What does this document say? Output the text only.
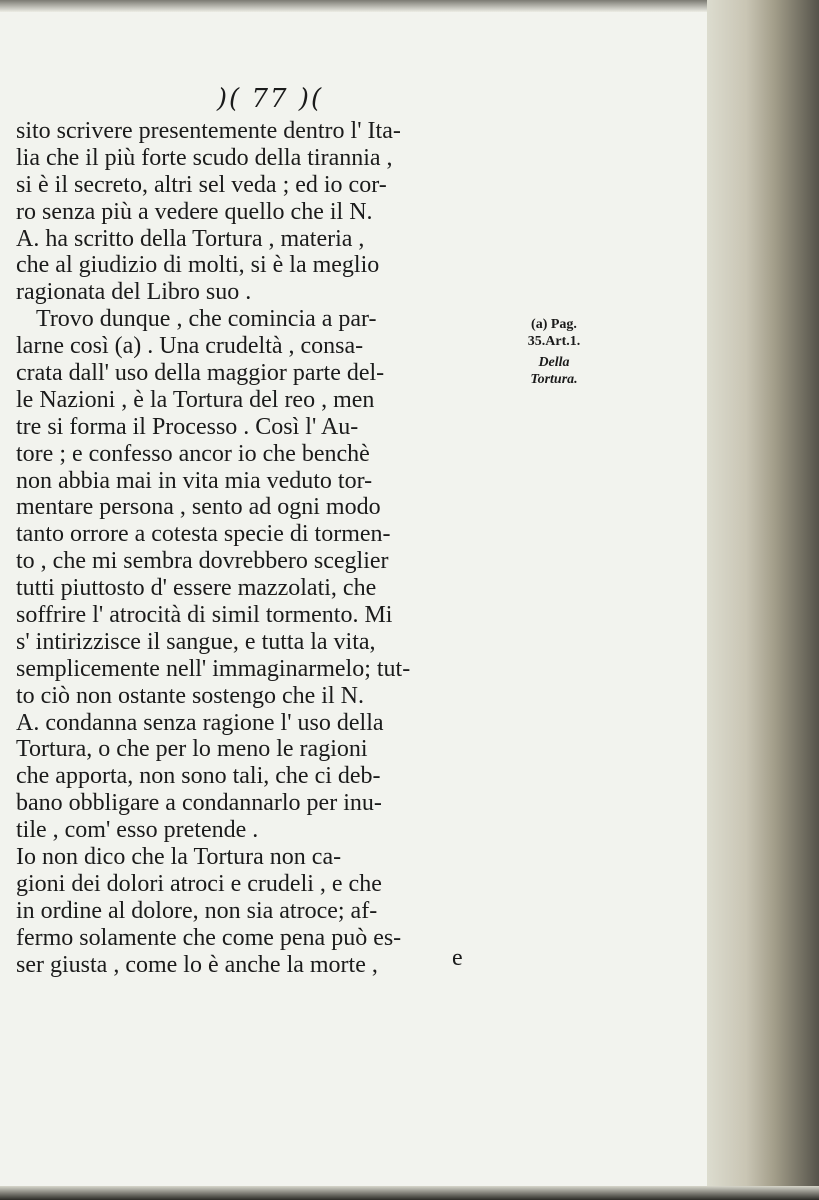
)( 77 )(
sito scrivere presentemente dentro l' Ita-
lia che il più forte scudo della tirannia ,
si è il secreto, altri sel veda ; ed io cor-
ro senza più a vedere quello che il N.
A. ha scritto della Tortura , materia ,
che al giudizio di molti, si è la meglio
ragionata del Libro suo .
Trovo dunque , che comincia a par-
larne così (a) . Una crudeltà , consa-
crata dall' uso della maggior parte del-
le Nazioni , è la Tortura del reo , men
tre si forma il Processo . Così l' Au-
tore ; e confesso ancor io che benchè
non abbia mai in vita mia veduto tor-
mentare persona , sento ad ogni modo
tanto orrore a cotesta specie di tormen-
to , che mi sembra dovrebbero sceglier
tutti piuttosto d' essere mazzolati, che
soffrire l' atrocità di simil tormento. Mi
s' intirizzisce il sangue, e tutta la vita,
semplicemente nell' immaginarmelo; tut-
to ciò non ostante sostengo che il N.
A. condanna senza ragione l' uso della
Tortura, o che per lo meno le ragioni
che apporta, non sono tali, che ci deb-
bano obbligare a condannarlo per inu-
tile , com' esso pretende .
Io non dico che la Tortura non ca-
gioni dei dolori atroci e crudeli , e che
in ordine al dolore, non sia atroce; af-
fermo solamente che come pena può es-
ser giusta , come lo è anche la morte ,	e
(a) Pag.
35.Art.1.
Della
Tortura.
